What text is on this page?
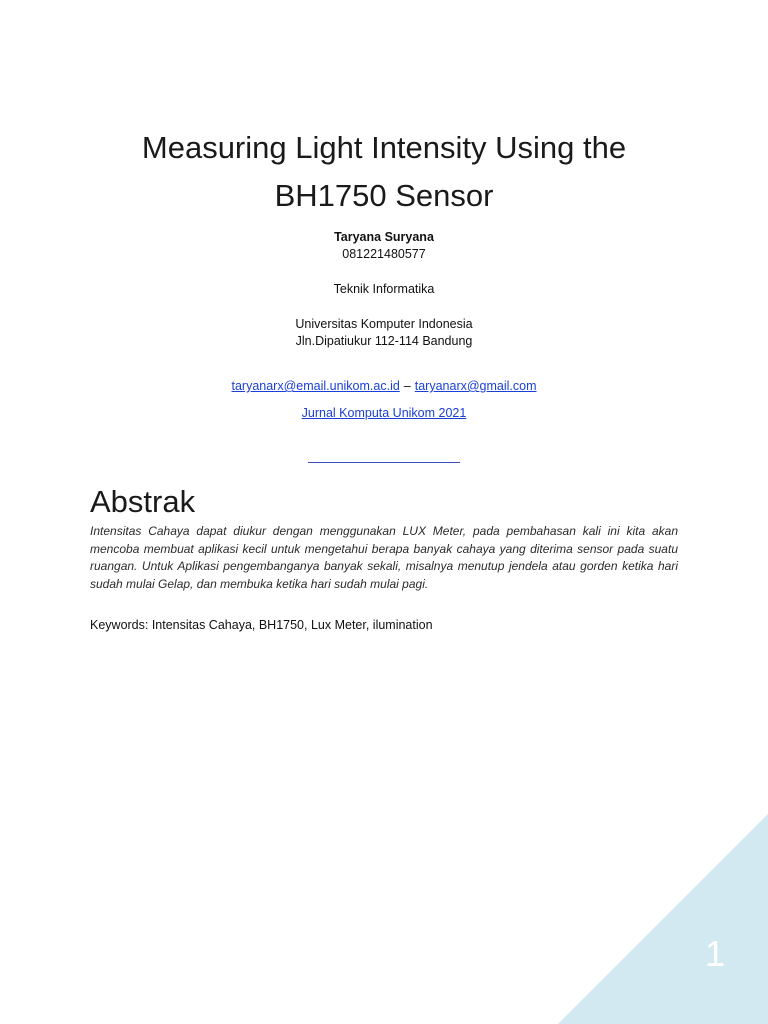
Measuring Light Intensity Using the
BH1750 Sensor
Taryana Suryana
081221480577
Teknik Informatika
Universitas Komputer Indonesia
Jln.Dipatiukur 112-114 Bandung
taryanarx@email.unikom.ac.id – taryanarx@gmail.com
Jurnal Komputa Unikom 2021
Abstrak

Intensitas Cahaya dapat diukur dengan menggunakan LUX Meter, pada pembahasan kali ini kita akan mencoba membuat aplikasi kecil untuk mengetahui berapa banyak cahaya yang diterima sensor pada suatu ruangan. Untuk Aplikasi pengembanganya banyak sekali, misalnya menutup jendela atau gorden ketika hari sudah mulai Gelap, dan membuka ketika hari sudah mulai pagi.

Keywords: Intensitas Cahaya, BH1750, Lux Meter, ilumination

1
